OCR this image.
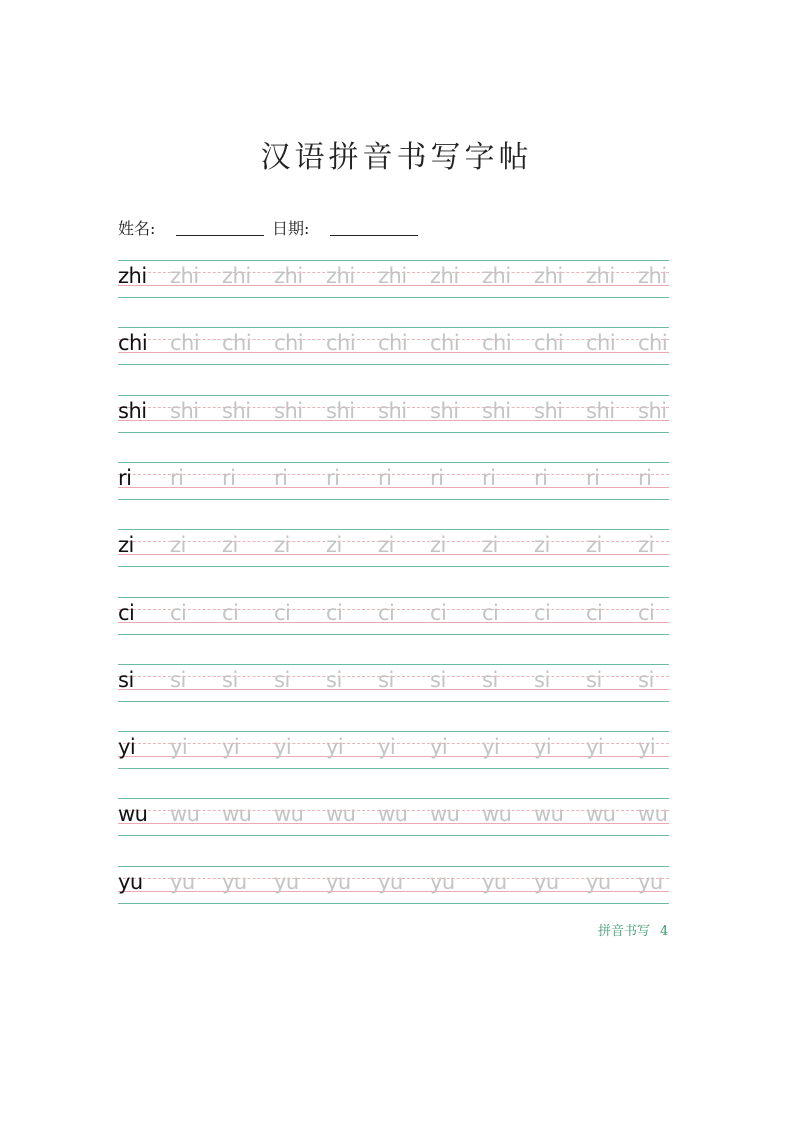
汉语拼音书写字帖
姓名:	日期:
zhi zhi zhi zhi zhi zhi zhi zhi zhi zhi zhi
chi chi chi chi chi chi chi chi chi chi chi
shi shi shi shi shi shi shi shi shi shi shi
ri ri ri ri ri ri ri ri ri ri ri
zi zi zi zi zi zi zi zi zi zi zi
ci ci ci ci ci ci ci ci ci ci ci
si si si si si si si si si si si
yi yi yi yi yi yi yi yi yi yi yi
wu wu wu wu wu wu wu wu wu wu wu
yu yu yu yu yu yu yu yu yu yu yu
拼音书写 4
